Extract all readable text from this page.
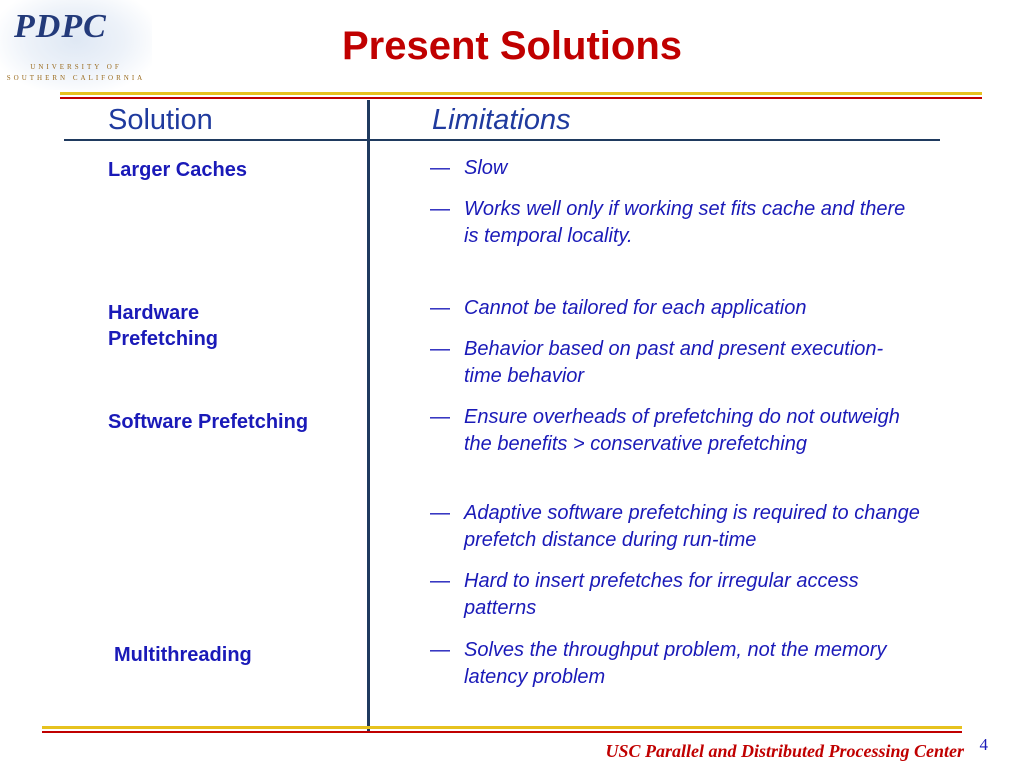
PDPC
UNIVERSITY OF
SOUTHERN CALIFORNIA
Present Solutions
Solution	Limitations
Larger Caches
Hardware
Prefetching
Software Prefetching
Multithreading
— Slow
— Works well only if working set fits cache and there is temporal locality.
— Cannot be tailored for each application
— Behavior based on past and present execution-time behavior
— Ensure overheads of prefetching do not outweigh the benefits > conservative prefetching
— Adaptive software prefetching is required to change prefetch distance during run-time
— Hard to insert prefetches for irregular access patterns
— Solves the throughput problem, not the memory latency problem
USC Parallel and Distributed Processing Center 4
